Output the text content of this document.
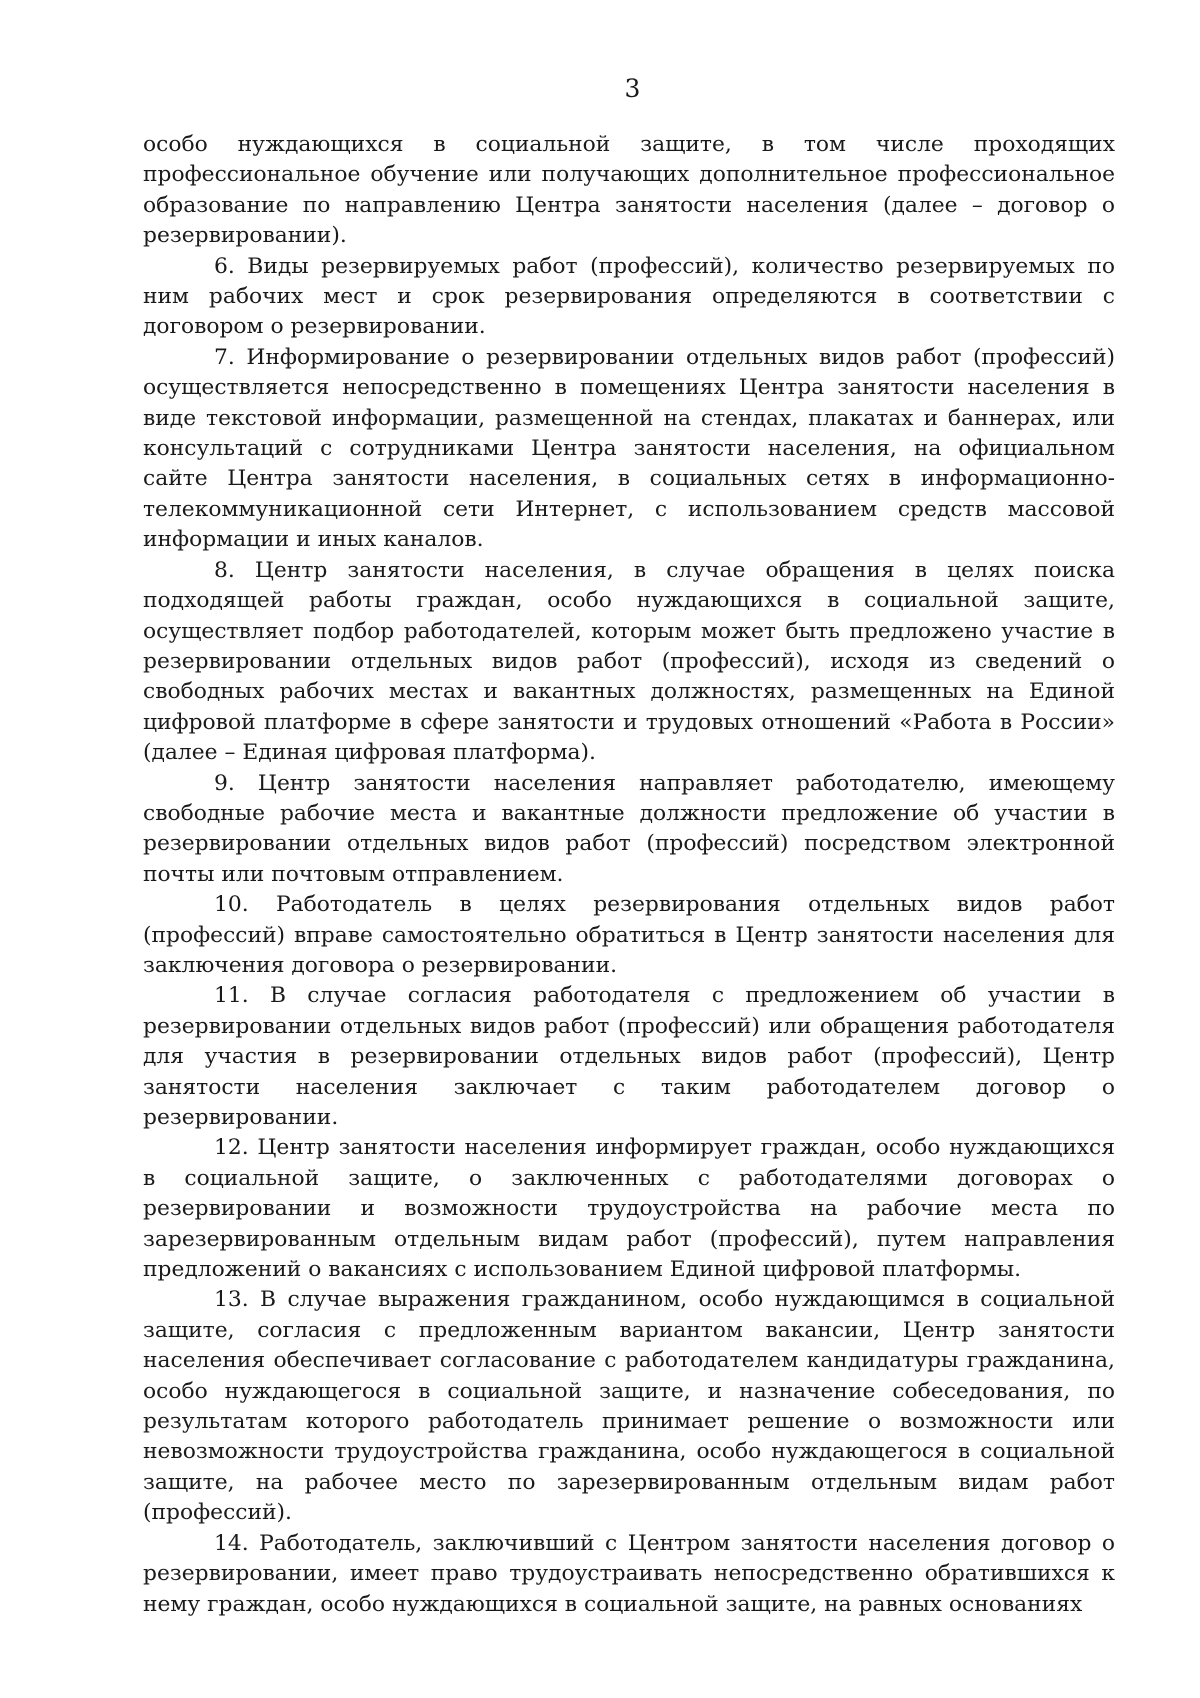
3

особо нуждающихся в социальной защите, в том числе проходящих профессиональное обучение или получающих дополнительное профессиональное образование по направлению Центра занятости населения (далее – договор о резервировании).

6. Виды резервируемых работ (профессий), количество резервируемых по ним рабочих мест и срок резервирования определяются в соответствии с договором о резервировании.

7. Информирование о резервировании отдельных видов работ (профессий) осуществляется непосредственно в помещениях Центра занятости населения в виде текстовой информации, размещенной на стендах, плакатах и баннерах, или консультаций с сотрудниками Центра занятости населения, на официальном сайте Центра занятости населения, в социальных сетях в информационно-телекоммуникационной сети Интернет, с использованием средств массовой информации и иных каналов.

8. Центр занятости населения, в случае обращения в целях поиска подходящей работы граждан, особо нуждающихся в социальной защите, осуществляет подбор работодателей, которым может быть предложено участие в резервировании отдельных видов работ (профессий), исходя из сведений о свободных рабочих местах и вакантных должностях, размещенных на Единой цифровой платформе в сфере занятости и трудовых отношений «Работа в России» (далее – Единая цифровая платформа).

9. Центр занятости населения направляет работодателю, имеющему свободные рабочие места и вакантные должности предложение об участии в резервировании отдельных видов работ (профессий) посредством электронной почты или почтовым отправлением.

10. Работодатель в целях резервирования отдельных видов работ (профессий) вправе самостоятельно обратиться в Центр занятости населения для заключения договора о резервировании.

11. В случае согласия работодателя с предложением об участии в резервировании отдельных видов работ (профессий) или обращения работодателя для участия в резервировании отдельных видов работ (профессий), Центр занятости населения заключает с таким работодателем договор о резервировании.

12. Центр занятости населения информирует граждан, особо нуждающихся в социальной защите, о заключенных с работодателями договорах о резервировании и возможности трудоустройства на рабочие места по зарезервированным отдельным видам работ (профессий), путем направления предложений о вакансиях с использованием Единой цифровой платформы.

13. В случае выражения гражданином, особо нуждающимся в социальной защите, согласия с предложенным вариантом вакансии, Центр занятости населения обеспечивает согласование с работодателем кандидатуры гражданина, особо нуждающегося в социальной защите, и назначение собеседования, по результатам которого работодатель принимает решение о возможности или невозможности трудоустройства гражданина, особо нуждающегося в социальной защите, на рабочее место по зарезервированным отдельным видам работ (профессий).

14. Работодатель, заключивший с Центром занятости населения договор о резервировании, имеет право трудоустраивать непосредственно обратившихся к нему граждан, особо нуждающихся в социальной защите, на равных основаниях
